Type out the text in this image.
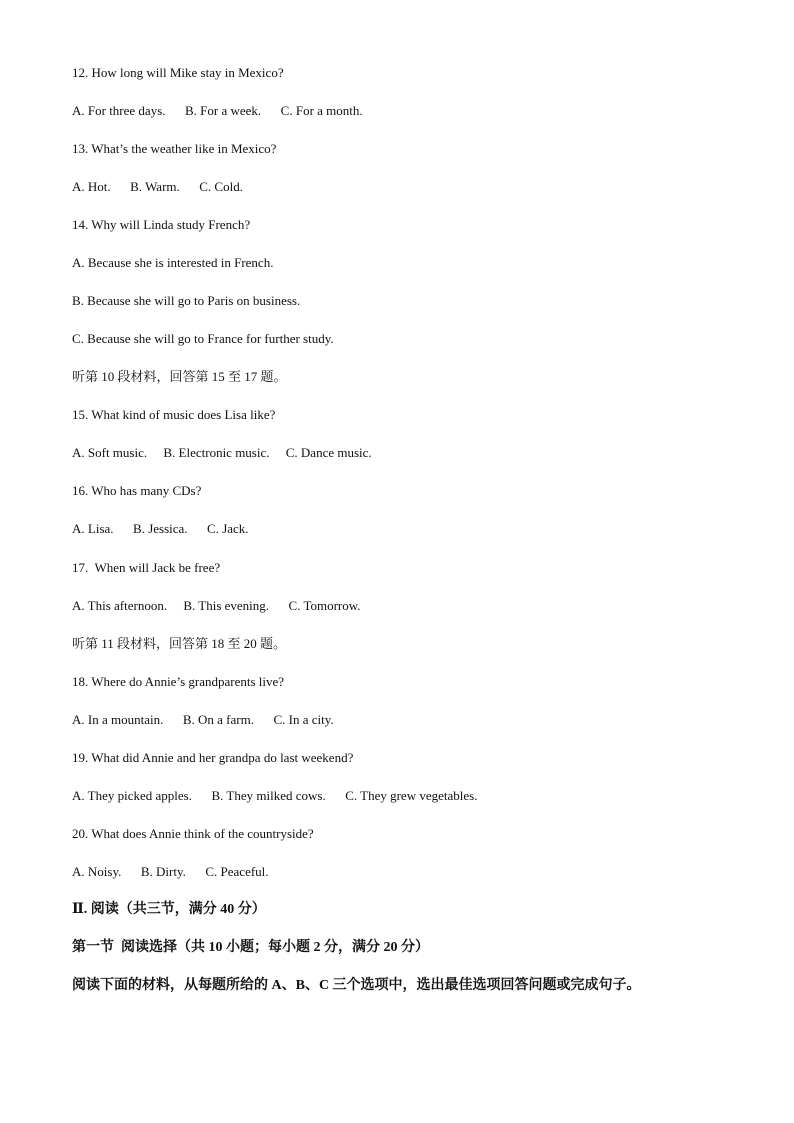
12. How long will Mike stay in Mexico?
A. For three days.      B. For a week.      C. For a month.
13. What’s the weather like in Mexico?
A. Hot.      B. Warm.      C. Cold.
14. Why will Linda study French?
A. Because she is interested in French.
B. Because she will go to Paris on business.
C. Because she will go to France for further study.
听第 10 段材料，回答第 15 至 17 题。
15. What kind of music does Lisa like?
A. Soft music.     B. Electronic music.     C. Dance music.
16. Who has many CDs?
A. Lisa.      B. Jessica.      C. Jack.
17.  When will Jack be free?
A. This afternoon.     B. This evening.      C. Tomorrow.
听第 11 段材料，回答第 18 至 20 题。
18. Where do Annie’s grandparents live?
A. In a mountain.      B. On a farm.      C. In a city.
19. What did Annie and her grandpa do last weekend?
A. They picked apples.      B. They milked cows.      C. They grew vegetables.
20. What does Annie think of the countryside?
A. Noisy.      B. Dirty.      C. Peaceful.
Ⅱ. 阅读（共三节，满分 40 分）
第一节  阅读选择（共 10 小题；每小题 2 分，满分 20 分）
阅读下面的材料，从每题所给的 A、B、C 三个选项中，选出最佳选项回答问题或完成句子。
